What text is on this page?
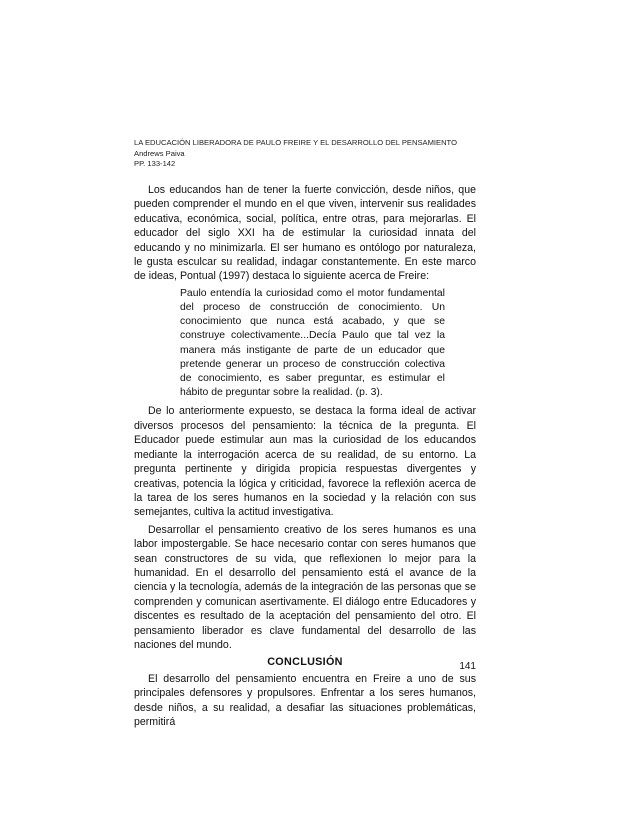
LA EDUCACIÓN LIBERADORA DE PAULO FREIRE Y EL DESARROLLO DEL PENSAMIENTO
Andrews Paiva
PP. 133-142

Los educandos han de tener la fuerte convicción, desde niños, que pueden comprender el mundo en el que viven, intervenir sus realidades educativa, económica, social, política, entre otras, para mejorarlas. El educador del siglo XXI ha de estimular la curiosidad innata del educando y no minimizarla. El ser humano es ontólogo por naturaleza, le gusta esculcar su realidad, indagar constantemente. En este marco de ideas, Pontual (1997) destaca lo siguiente acerca de Freire:

Paulo entendía la curiosidad como el motor fundamental del proceso de construcción de conocimiento. Un conocimiento que nunca está acabado, y que se construye colectivamente...Decía Paulo que tal vez la manera más instigante de parte de un educador que pretende generar un proceso de construcción colectiva de conocimiento, es saber preguntar, es estimular el hábito de preguntar sobre la realidad. (p. 3).

De lo anteriormente expuesto, se destaca la forma ideal de activar diversos procesos del pensamiento: la técnica de la pregunta. El Educador puede estimular aun mas la curiosidad de los educandos mediante la interrogación acerca de su realidad, de su entorno. La pregunta pertinente y dirigida propicia respuestas divergentes y creativas, potencia la lógica y criticidad, favorece la reflexión acerca de la tarea de los seres humanos en la sociedad y la relación con sus semejantes, cultiva la actitud investigativa.

Desarrollar el pensamiento creativo de los seres humanos es una labor impostergable. Se hace necesario contar con seres humanos que sean constructores de su vida, que reflexionen lo mejor para la humanidad. En el desarrollo del pensamiento está el avance de la ciencia y la tecnología, además de la integración de las personas que se comprenden y comunican asertivamente. El diálogo entre Educadores y discentes es resultado de la aceptación del pensamiento del otro. El pensamiento liberador es clave fundamental del desarrollo de las naciones del mundo.

CONCLUSIÓN

El desarrollo del pensamiento encuentra en Freire a uno de sus principales defensores y propulsores. Enfrentar a los seres humanos, desde niños, a su realidad, a desafiar las situaciones problemáticas, permitirá

141
